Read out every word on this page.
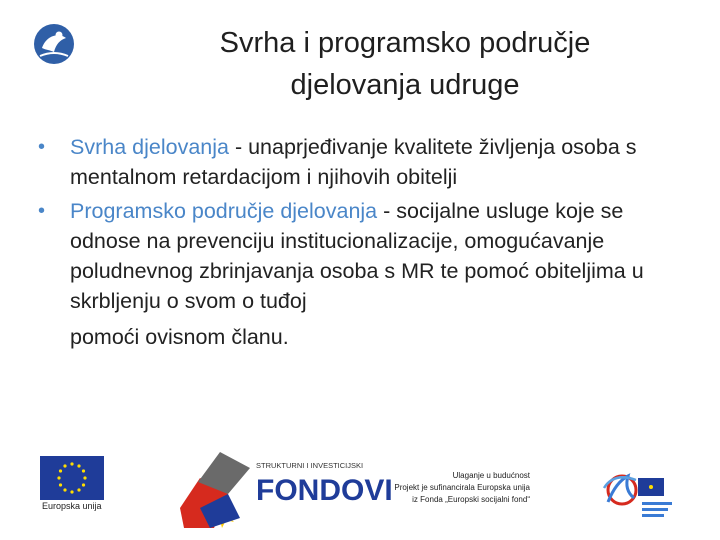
Svrha i programsko područje
djelovanja udruge
• Svrha djelovanja - unaprjeđivanje kvalitete življenja osoba s mentalnom retardacijom i njihovih obitelji
• Programsko područje djelovanja - socijalne usluge koje se odnose na prevenciju institucionalizacije, omogućavanje poludnevnog zbrinjavanja osoba s MR te pomoć obiteljima u skrbljenju o svom o tuđoj
pomoći ovisnom članu.
Europska unija
STRUKTURNI I INVESTICIJSKI
FONDOVI	Ulaganje u budućnost
Projekt je sufinancirala Europska unija
iz Fonda „Europski socijalni fond“
